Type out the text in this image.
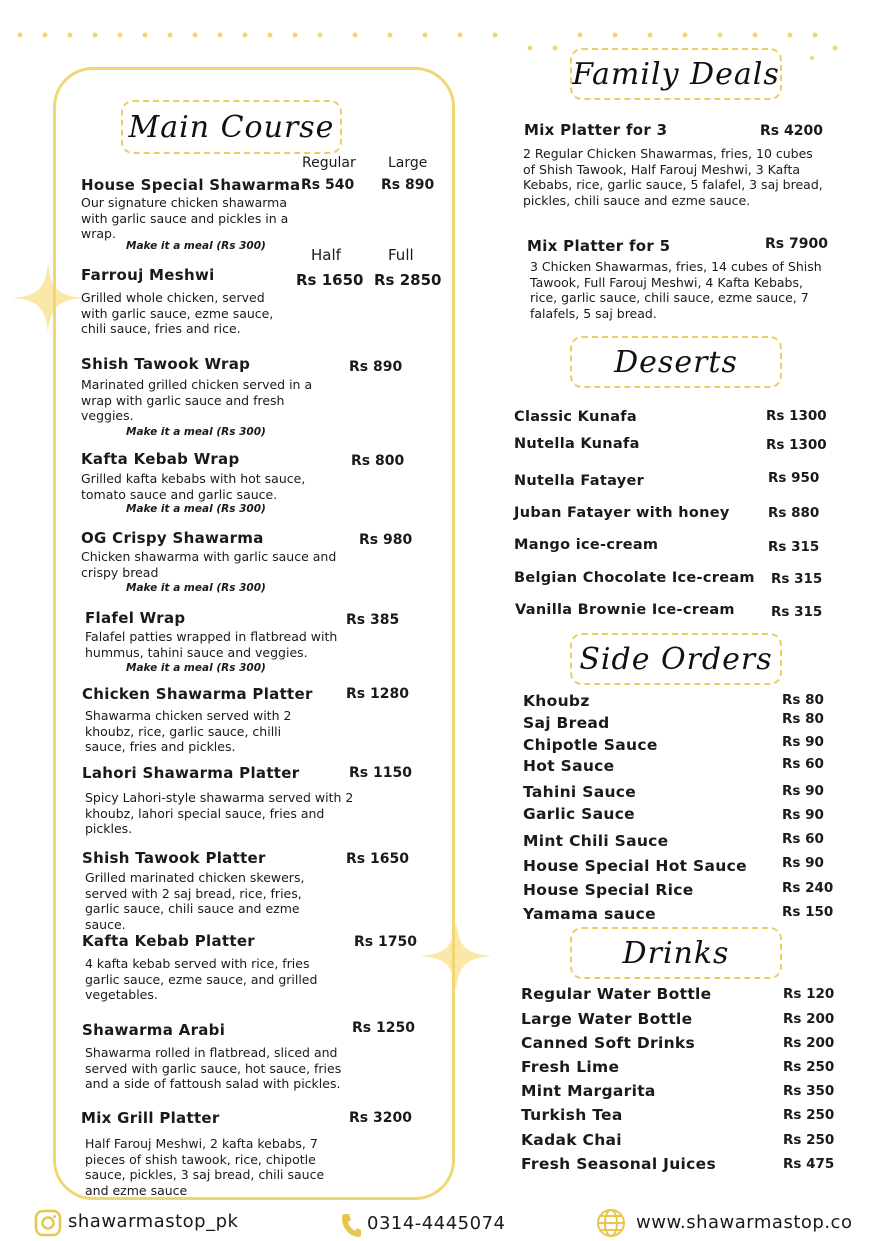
Main Course
Regular Large
Half	Full
House Special Shawarma Rs 540 Rs 890
Our signature chicken shawarma with garlic sauce and pickles in a wrap.
Make it a meal (Rs 300)
Farrouj Meshwi	Rs 1650 Rs 2850
Grilled whole chicken, served with garlic sauce, ezme sauce, chili sauce, fries and rice.
Shish Tawook Wrap	Rs 890
Marinated grilled chicken served in a wrap with garlic sauce and fresh veggies.
Make it a meal (Rs 300)
Kafta Kebab Wrap	Rs 800
Grilled kafta kebabs with hot sauce, tomato sauce and garlic sauce.
Make it a meal (Rs 300)
OG Crispy Shawarma	Rs 980
Chicken shawarma with garlic sauce and crispy bread
Make it a meal (Rs 300)
Flafel Wrap	Rs 385
Falafel patties wrapped in flatbread with hummus, tahini sauce and veggies.
Make it a meal (Rs 300)
Chicken Shawarma Platter Rs 1280
Shawarma chicken served with 2 khoubz, rice, garlic sauce, chilli sauce, fries and pickles.
Lahori Shawarma Platter	Rs 1150
Spicy Lahori-style shawarma served with 2 khoubz, lahori special sauce, fries and pickles.
Shish Tawook Platter	Rs 1650
Grilled marinated chicken skewers, served with 2 saj bread, rice, fries, garlic sauce, chili sauce and ezme sauce.
Kafta Kebab Platter	Rs 1750
4 kafta kebab served with rice, fries garlic sauce, ezme sauce, and grilled vegetables.
Shawarma Arabi	Rs 1250
Shawarma rolled in flatbread, sliced and served with garlic sauce, hot sauce, fries and a side of fattoush salad with pickles.
Mix Grill Platter	Rs 3200
Half Farouj Meshwi, 2 kafta kebabs, 7 pieces of shish tawook, rice, chipotle sauce, pickles, 3 saj bread, chili sauce and ezme sauce
Family Deals
Mix Platter for 3	Rs 4200
2 Regular Chicken Shawarmas, fries, 10 cubes of Shish Tawook, Half Farouj Meshwi, 3 Kafta Kebabs, rice, garlic sauce, 5 falafel, 3 saj bread, pickles, chili sauce and ezme sauce.
Mix Platter for 5	Rs 7900
3 Chicken Shawarmas, fries, 14 cubes of Shish Tawook, Full Farouj Meshwi, 4 Kafta Kebabs, rice, garlic sauce, chili sauce, ezme sauce, 7 falafels, 5 saj bread.
Deserts
Classic Kunafa	Rs 1300
Nutella Kunafa	Rs 1300
Nutella Fatayer	Rs 950
Juban Fatayer with honey	Rs 880
Mango ice-cream	Rs 315
Belgian Chocolate Ice-cream Rs 315
Vanilla Brownie Ice-cream	Rs 315
Side Orders
Khoubz	Rs 80
Saj Bread	Rs 80
Chipotle Sauce	Rs 90
Hot Sauce	Rs 60
Tahini Sauce	Rs 90
Garlic Sauce	Rs 90
Mint Chili Sauce	Rs 60
House Special Hot Sauce	Rs 90
House Special Rice	Rs 240
Yamama sauce	Rs 150
Drinks
Regular Water Bottle	Rs 120
Large Water Bottle	Rs 200
Canned Soft Drinks	Rs 200
Fresh Lime	Rs 250
Mint Margarita	Rs 350
Turkish Tea	Rs 250
Kadak Chai	Rs 250
Fresh Seasonal Juices	Rs 475
shawarmastop_pk	0314-4445074	www.shawarmastop.co
